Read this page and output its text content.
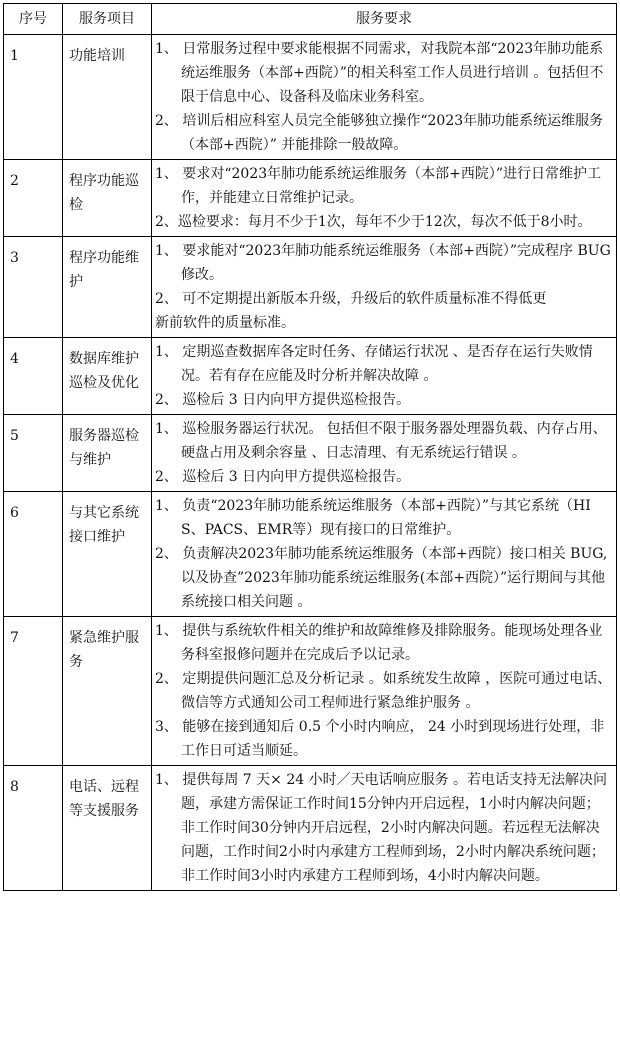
序号	服务项目	服务要求
1	功能培训	1、 日常服务过程中要求能根据不同需求，对我院本部“2023年肺功能系统运维服务（本部+西院）”的相关科室工作人员进行培训 。包括但不限于信息中心、设备科及临床业务科室。
2、 培训后相应科室人员完全能够独立操作“2023年肺功能系统运维服务（本部+西院）” 并能排除一般故障。

2	程序功能巡检	1、 要求对“2023年肺功能系统运维服务（本部+西院）”进行日常维护工作，并能建立日常维护记录。
2、巡检要求：每月不少于1次，每年不少于12次，每次不低于8小时。

3	程序功能维护	1、 要求能对“2023年肺功能系统运维服务（本部+西院）”完成程序 BUG 修改。
2、 可不定期提出新版本升级，升级后的软件质量标准不得低更
新前软件的质量标准。

4	数据库维护巡检及优化	1、 定期巡查数据库各定时任务、存储运行状况 、是否存在运行失败情况。若有存在应能及时分析并解决故障 。
2、 巡检后 3 日内向甲方提供巡检报告。

5	服务器巡检与维护	1、 巡检服务器运行状况。 包括但不限于服务器处理器负载、内存占用、 硬盘占用及剩余容量 、日志清理、有无系统运行错误 。
2、 巡检后 3 日内向甲方提供巡检报告。

6	与其它系统接口维护	1、 负责“2023年肺功能系统运维服务（本部+西院）”与其它系统（HIS、PACS、EMR等）现有接口的日常维护。
2、 负责解决2023年肺功能系统运维服务（本部+西院）接口相关 BUG,以及协查”2023年肺功能系统运维服务(本部+西院）”运行期间与其他系统接口相关问题 。

7	紧急维护服务	1、 提供与系统软件相关的维护和故障维修及排除服务。能现场处理各业务科室报修问题并在完成后予以记录。
2、 定期提供问题汇总及分析记录 。如系统发生故障 ，医院可通过电话、微信等方式通知公司工程师进行紧急维护服务 。
3、 能够在接到通知后 0.5 个小时内响应， 24 小时到现场进行处理，非工作日可适当顺延。

8	电话、远程等支援服务	1、 提供每周 7 天× 24 小时／天电话响应服务 。若电话支持无法解决问题，承建方需保证工作时间15分钟内开启远程，1小时内解决问题；非工作时间30分钟内开启远程，2小时内解决问题。若远程无法解决问题，工作时间2小时内承建方工程师到场，2小时内解决系统问题；非工作时间3小时内承建方工程师到场，4小时内解决问题。
